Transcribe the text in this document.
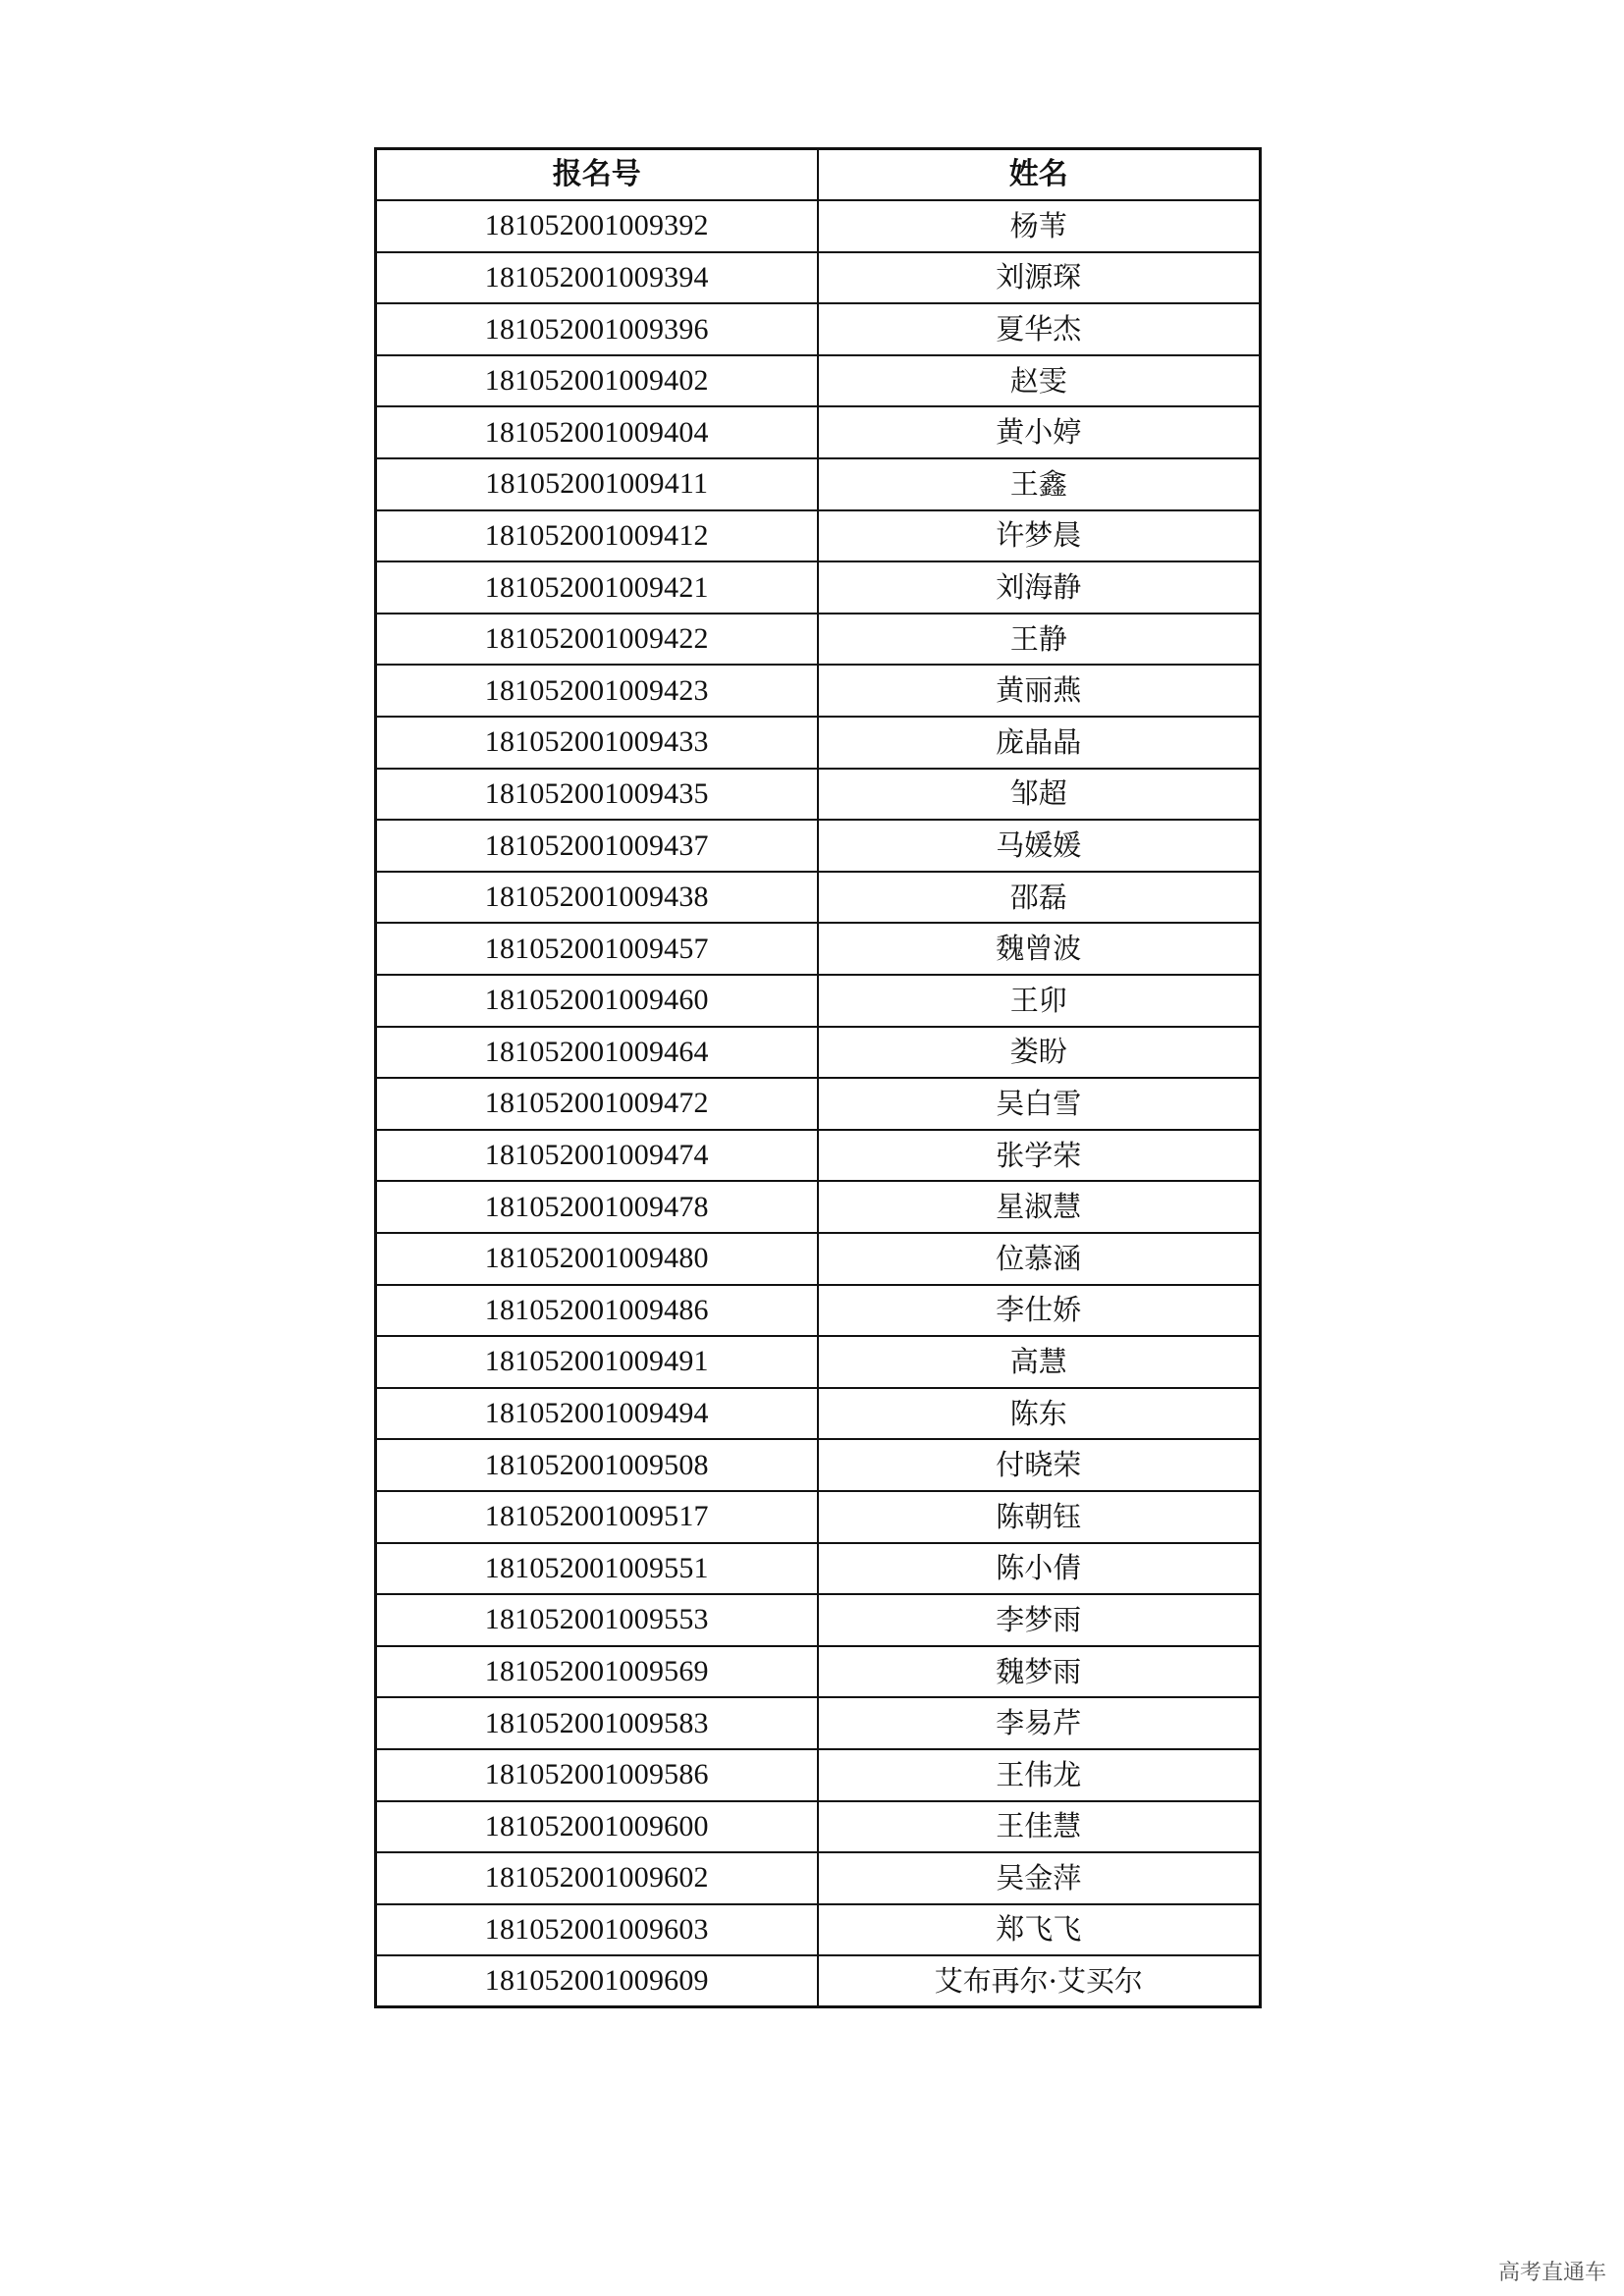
报名号	姓名
181052001009392	杨苇
181052001009394	刘源琛
181052001009396	夏华杰
181052001009402	赵雯
181052001009404	黄小婷
181052001009411	王鑫
181052001009412	许梦晨
181052001009421	刘海静
181052001009422	王静
181052001009423	黄丽燕
181052001009433	庞晶晶
181052001009435	邹超
181052001009437	马媛媛
181052001009438	邵磊
181052001009457	魏曾波
181052001009460	王卯
181052001009464	娄盼
181052001009472	吴白雪
181052001009474	张学荣
181052001009478	星淑慧
181052001009480	位慕涵
181052001009486	李仕娇
181052001009491	高慧
181052001009494	陈东
181052001009508	付晓荣
181052001009517	陈朝钰
181052001009551	陈小倩
181052001009553	李梦雨
181052001009569	魏梦雨
181052001009583	李易芹
181052001009586	王伟龙
181052001009600	王佳慧
181052001009602	吴金萍
181052001009603	郑飞飞
181052001009609	艾布再尔·艾买尔
高考直通车
